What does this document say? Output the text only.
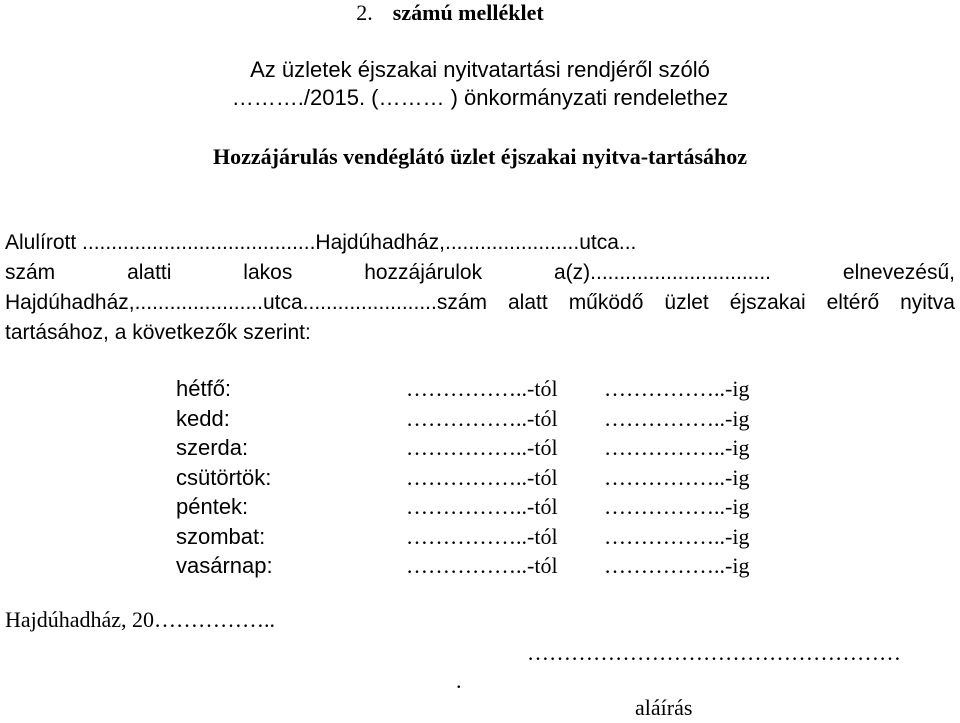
2. számú melléklet
Az üzletek éjszakai nyitvatartási rendjéről szóló
………./2015. (……… ) önkormányzati rendelethez
Hozzájárulás vendéglátó üzlet éjszakai nyitva-tartásához
Alulírott ........................................Hajdúhadház,.......................utca...
szám	alatti	lakos	hozzájárulok	a(z)...............................	elnevezésű,
Hajdúhadház,......................utca.......................szám alatt működő üzlet éjszakai eltérő nyitva
tartásához, a következők szerint:
hétfő:	……………..-tól	……………..-ig
kedd:	……………..-tól	……………..-ig
szerda:	……………..-tól	……………..-ig
csütörtök:	……………..-tól	……………..-ig
péntek:	……………..-tól	……………..-ig
szombat:	……………..-tól	……………..-ig
vasárnap:	……………..-tól	……………..-ig
Hajdúhadház, 20……………..
……………………………………………
.
aláírás
